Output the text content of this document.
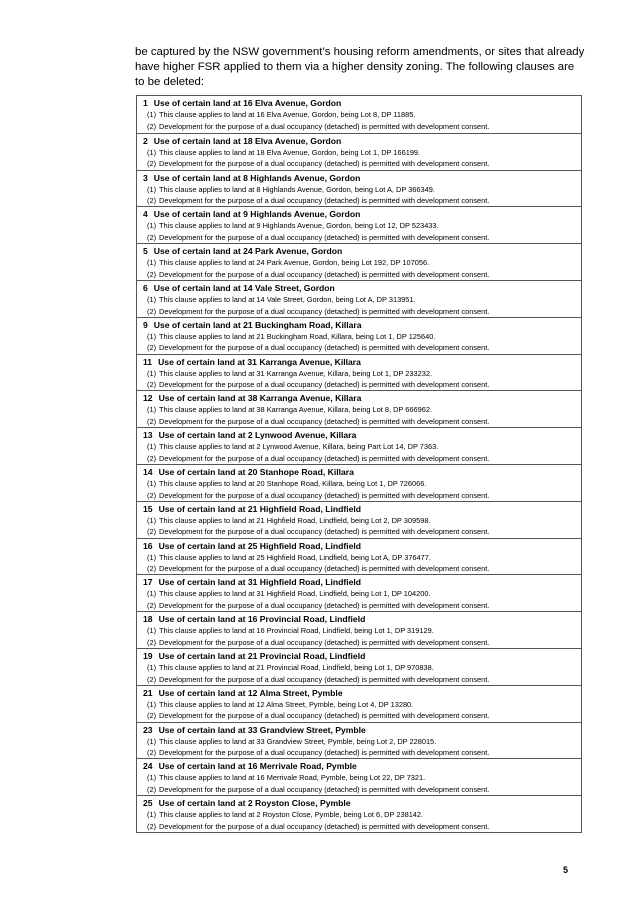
be captured by the NSW government’s housing reform amendments, or sites that already have higher FSR applied to them via a higher density zoning. The following clauses are to be deleted:

1 Use of certain land at 16 Elva Avenue, Gordon
(1) This clause applies to land at 16 Elva Avenue, Gordon, being Lot 8, DP 11885.
(2) Development for the purpose of a dual occupancy (detached) is permitted with development consent.
2 Use of certain land at 18 Elva Avenue, Gordon
(1) This clause applies to land at 18 Elva Avenue, Gordon, being Lot 1, DP 166199.
(2) Development for the purpose of a dual occupancy (detached) is permitted with development consent.
3 Use of certain land at 8 Highlands Avenue, Gordon
(1) This clause applies to land at 8 Highlands Avenue, Gordon, being Lot A, DP 366349.
(2) Development for the purpose of a dual occupancy (detached) is permitted with development consent.
4 Use of certain land at 9 Highlands Avenue, Gordon
(1) This clause applies to land at 9 Highlands Avenue, Gordon, being Lot 12, DP 523433.
(2) Development for the purpose of a dual occupancy (detached) is permitted with development consent.
5 Use of certain land at 24 Park Avenue, Gordon
(1) This clause applies to land at 24 Park Avenue, Gordon, being Lot 192, DP 107056.
(2) Development for the purpose of a dual occupancy (detached) is permitted with development consent.
6 Use of certain land at 14 Vale Street, Gordon
(1) This clause applies to land at 14 Vale Street, Gordon, being Lot A, DP 313951.
(2) Development for the purpose of a dual occupancy (detached) is permitted with development consent.
9 Use of certain land at 21 Buckingham Road, Killara
(1) This clause applies to land at 21 Buckingham Road, Killara, being Lot 1, DP 125640.
(2) Development for the purpose of a dual occupancy (detached) is permitted with development consent.
11 Use of certain land at 31 Karranga Avenue, Killara
(1) This clause applies to land at 31 Karranga Avenue, Killara, being Lot 1, DP 233232.
(2) Development for the purpose of a dual occupancy (detached) is permitted with development consent.
12 Use of certain land at 38 Karranga Avenue, Killara
(1) This clause applies to land at 38 Karranga Avenue, Killara, being Lot 8, DP 666962.
(2) Development for the purpose of a dual occupancy (detached) is permitted with development consent.
13 Use of certain land at 2 Lynwood Avenue, Killara
(1) This clause applies to land at 2 Lynwood Avenue, Killara, being Part Lot 14, DP 7363.
(2) Development for the purpose of a dual occupancy (detached) is permitted with development consent.
14 Use of certain land at 20 Stanhope Road, Killara
(1) This clause applies to land at 20 Stanhope Road, Killara, being Lot 1, DP 726066.
(2) Development for the purpose of a dual occupancy (detached) is permitted with development consent.
15 Use of certain land at 21 Highfield Road, Lindfield
(1) This clause applies to land at 21 Highfield Road, Lindfield, being Lot 2, DP 309598.
(2) Development for the purpose of a dual occupancy (detached) is permitted with development consent.
16 Use of certain land at 25 Highfield Road, Lindfield
(1) This clause applies to land at 25 Highfield Road, Lindfield, being Lot A, DP 376477.
(2) Development for the purpose of a dual occupancy (detached) is permitted with development consent.
17 Use of certain land at 31 Highfield Road, Lindfield
(1) This clause applies to land at 31 Highfield Road, Lindfield, being Lot 1, DP 104200.
(2) Development for the purpose of a dual occupancy (detached) is permitted with development consent.
18 Use of certain land at 16 Provincial Road, Lindfield
(1) This clause applies to land at 16 Provincial Road, Lindfield, being Lot 1, DP 319129.
(2) Development for the purpose of a dual occupancy (detached) is permitted with development consent.
19 Use of certain land at 21 Provincial Road, Lindfield
(1) This clause applies to land at 21 Provincial Road, Lindfield, being Lot 1, DP 970838.
(2) Development for the purpose of a dual occupancy (detached) is permitted with development consent.
21 Use of certain land at 12 Alma Street, Pymble
(1) This clause applies to land at 12 Alma Street, Pymble, being Lot 4, DP 13280.
(2) Development for the purpose of a dual occupancy (detached) is permitted with development consent.
23 Use of certain land at 33 Grandview Street, Pymble
(1) This clause applies to land at 33 Grandview Street, Pymble, being Lot 2, DP 228015.
(2) Development for the purpose of a dual occupancy (detached) is permitted with development consent.
24 Use of certain land at 16 Merrivale Road, Pymble
(1) This clause applies to land at 16 Merrivale Road, Pymble, being Lot 22, DP 7321.
(2) Development for the purpose of a dual occupancy (detached) is permitted with development consent.
25 Use of certain land at 2 Royston Close, Pymble
(1) This clause applies to land at 2 Royston Close, Pymble, being Lot 6, DP 238142.
(2) Development for the purpose of a dual occupancy (detached) is permitted with development consent.
5
